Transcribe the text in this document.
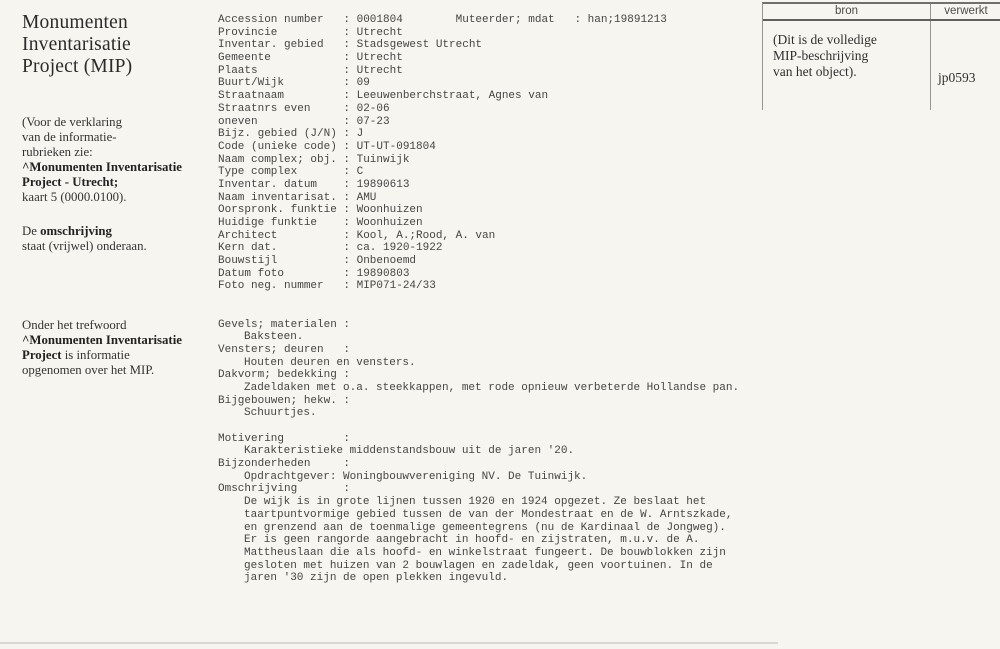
Monumenten
Inventarisatie
Project (MIP)

(Voor de verklaring
van de informatie-
rubrieken zie:
^Monumenten Inventarisatie
Project - Utrecht;
kaart 5 (0000.0100).

De omschrijving
staat (vrijwel) onderaan.

Onder het trefwoord
^Monumenten Inventarisatie
Project is informatie
opgenomen over het MIP.

Accession number : 0001804	Muteerder; mdat : han;19891213
Provincie	: Utrecht
Inventar. gebied : Stadsgewest Utrecht
Gemeente	: Utrecht
Plaats	: Utrecht
Buurt/Wijk	: 09
Straatnaam	: Leeuwenberchstraat, Agnes van
Straatnrs even	: 02-06
oneven	: 07-23
Bijz. gebied (J/N) : J
Code (unieke code) : UT-UT-091804
Naam complex; obj. : Tuinwijk
Type complex	: C
Inventar. datum : 19890613
Naam inventarisat. : AMU
Oorspronk. funktie : Woonhuizen
Huidige funktie : Woonhuizen
Architect	: Kool, A.;Rood, A. van
Kern dat.	: ca. 1920-1922
Bouwstijl	: Onbenoemd
Datum foto	: 19890803
Foto neg. nummer : MIP071-24/33
Gevels; materialen :
Baksteen.
Vensters; deuren :
Houten deuren en vensters.
Dakvorm; bedekking :
Zadeldaken met o.a. steekkappen, met rode opnieuw verbeterde Hollandse pan.
Bijgebouwen; hekw. :
Schuurtjes.
Motivering	:
Karakteristieke middenstandsbouw uit de jaren '20.
Bijzonderheden	:
Opdrachtgever: Woningbouwvereniging NV. De Tuinwijk.
Omschrijving	:
De wijk is in grote lijnen tussen 1920 en 1924 opgezet. Ze beslaat het
taartpuntvormige gebied tussen de van der Mondestraat en de W. Arntszkade,
en grenzend aan de toenmalige gemeentegrens (nu de Kardinaal de Jongweg).
Er is geen rangorde aangebracht in hoofd- en zijstraten, m.u.v. de A.
Mattheuslaan die als hoofd- en winkelstraat fungeert. De bouwblokken zijn
gesloten met huizen van 2 bouwlagen en zadeldak, geen voortuinen. In de
jaren '30 zijn de open plekken ingevuld.
bron	verwerkt
(Dit is de volledige
MIP-beschrijving
van het object).	jp0593
